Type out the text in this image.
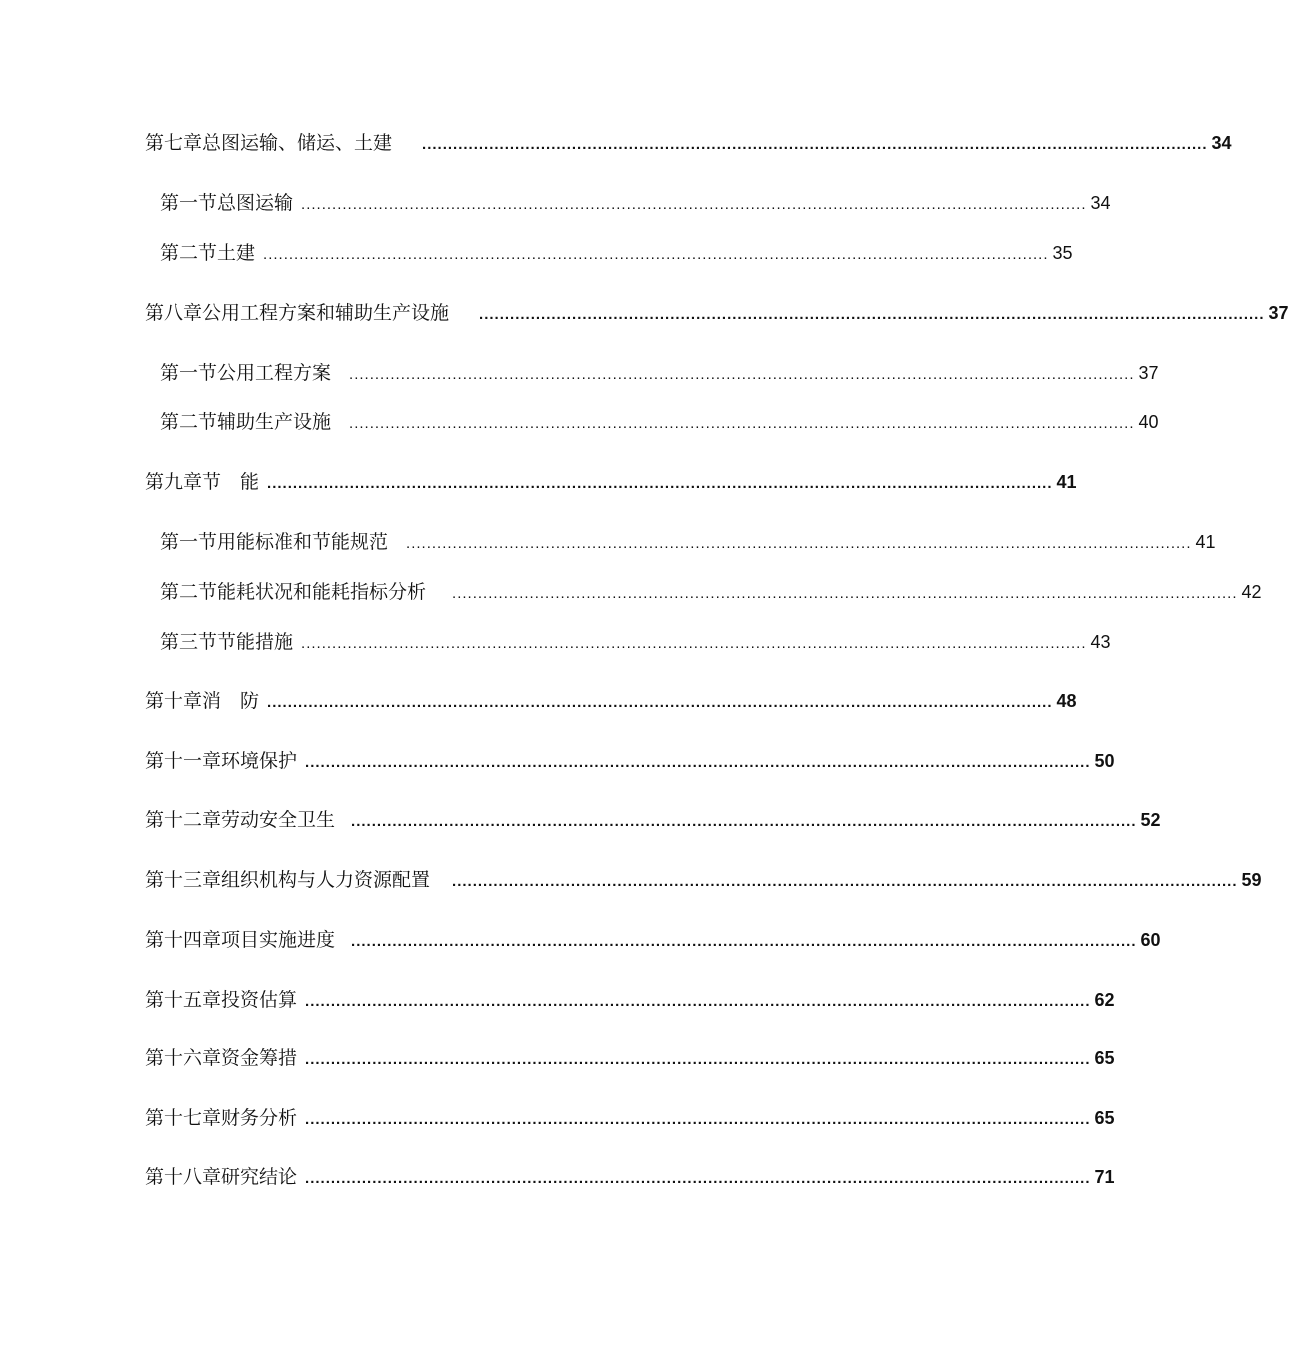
第七章 总图运输、储运、土建 ........................................................................................................................................................ 34
第一节 总图运输 ........................................................................................................................................................ 34
第二节 土建 ........................................................................................................................................................ 35
第八章 公用工程方案和辅助生产设施 ........................................................................................................................................................ 37
第一节 公用工程方案 ........................................................................................................................................................ 37
第二节 辅助生产设施 ........................................................................................................................................................ 40
第九章 节　能 ........................................................................................................................................................ 41
第一节 用能标准和节能规范 ........................................................................................................................................................ 41
第二节 能耗状况和能耗指标分析 ........................................................................................................................................................ 42
第三节 节能措施 ........................................................................................................................................................ 43
第十章 消　防 ........................................................................................................................................................ 48
第十一章 环境保护 ........................................................................................................................................................ 50
第十二章 劳动安全卫生 ........................................................................................................................................................ 52
第十三章 组织机构与人力资源配置 ........................................................................................................................................................ 59
第十四章 项目实施进度 ........................................................................................................................................................ 60
第十五章 投资估算 ........................................................................................................................................................ 62
第十六章 资金筹措 ........................................................................................................................................................ 65
第十七章 财务分析 ........................................................................................................................................................ 65
第十八章 研究结论 ........................................................................................................................................................ 71
